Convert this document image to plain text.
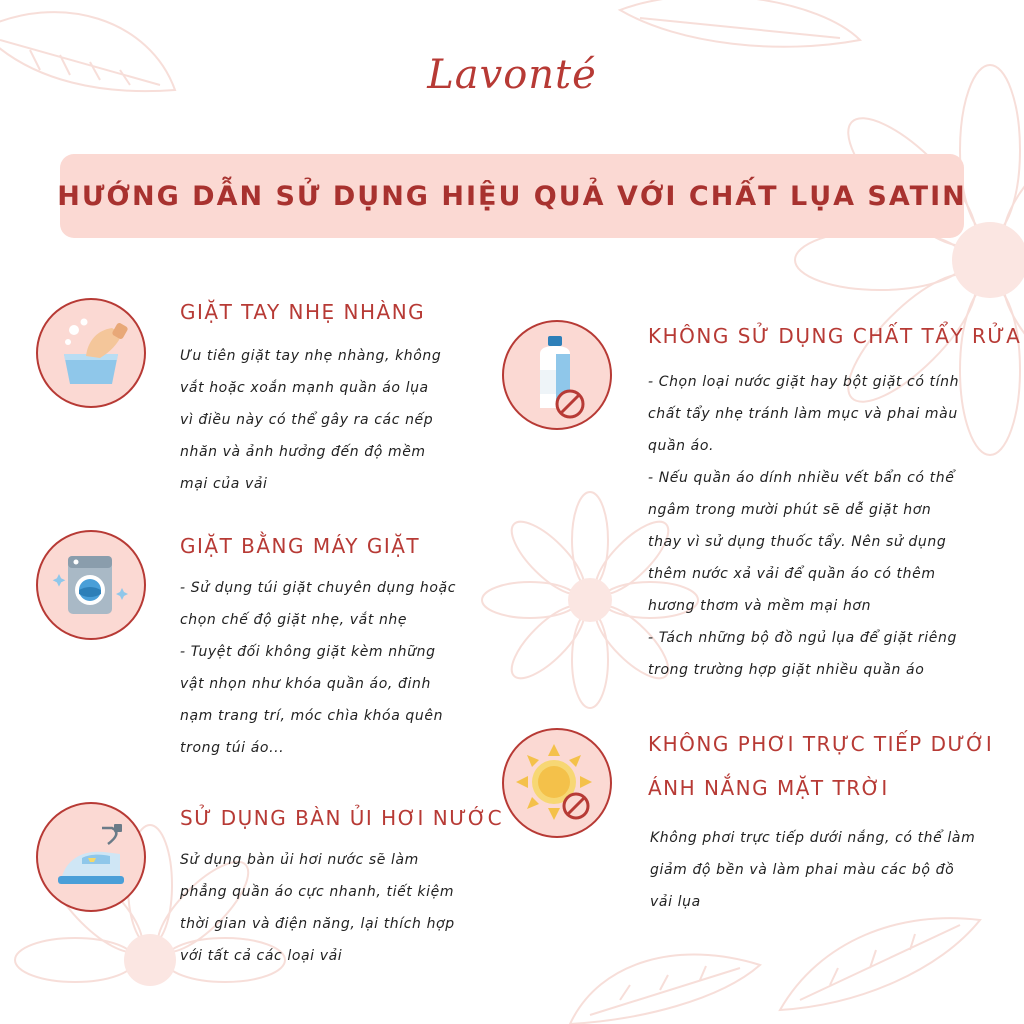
Lavonté
HƯỚNG DẪN SỬ DỤNG HIỆU QUẢ VỚI CHẤT LỤA SATIN
GIẶT TAY NHẸ NHÀNG

Ưu tiên giặt tay nhẹ nhàng, không

vắt hoặc xoắn mạnh quần áo lụa

vì điều này có thể gây ra các nếp

nhăn và ảnh hưởng đến độ mềm

mại của vải

GIẶT BẰNG MÁY GIẶT

- Sử dụng túi giặt chuyên dụng hoặc

chọn chế độ giặt nhẹ, vắt nhẹ

- Tuyệt đối không giặt kèm những

vật nhọn như khóa quần áo, đinh

nạm trang trí, móc chìa khóa quên

trong túi áo...

SỬ DỤNG BÀN ỦI HƠI NƯỚC

Sử dụng bàn ủi hơi nước sẽ làm

phẳng quần áo cực nhanh, tiết kiệm

thời gian và điện năng, lại thích hợp

với tất cả các loại vải

KHÔNG SỬ DỤNG CHẤT TẨY RỬA

- Chọn loại nước giặt hay bột giặt có tính

chất tẩy nhẹ tránh làm mục và phai màu

quần áo.

- Nếu quần áo dính nhiều vết bẩn có thể

ngâm trong mười phút sẽ dễ giặt hơn

thay vì sử dụng thuốc tẩy. Nên sử dụng

thêm nước xả vải để quần áo có thêm

hương thơm và mềm mại hơn

- Tách những bộ đồ ngủ lụa để giặt riêng

trong trường hợp giặt nhiều quần áo

KHÔNG PHƠI TRỰC TIẾP DƯỚI
ÁNH NẮNG MẶT TRỜI

Không phơi trực tiếp dưới nắng, có thể làm

giảm độ bền và làm phai màu các bộ đồ

vải lụa
